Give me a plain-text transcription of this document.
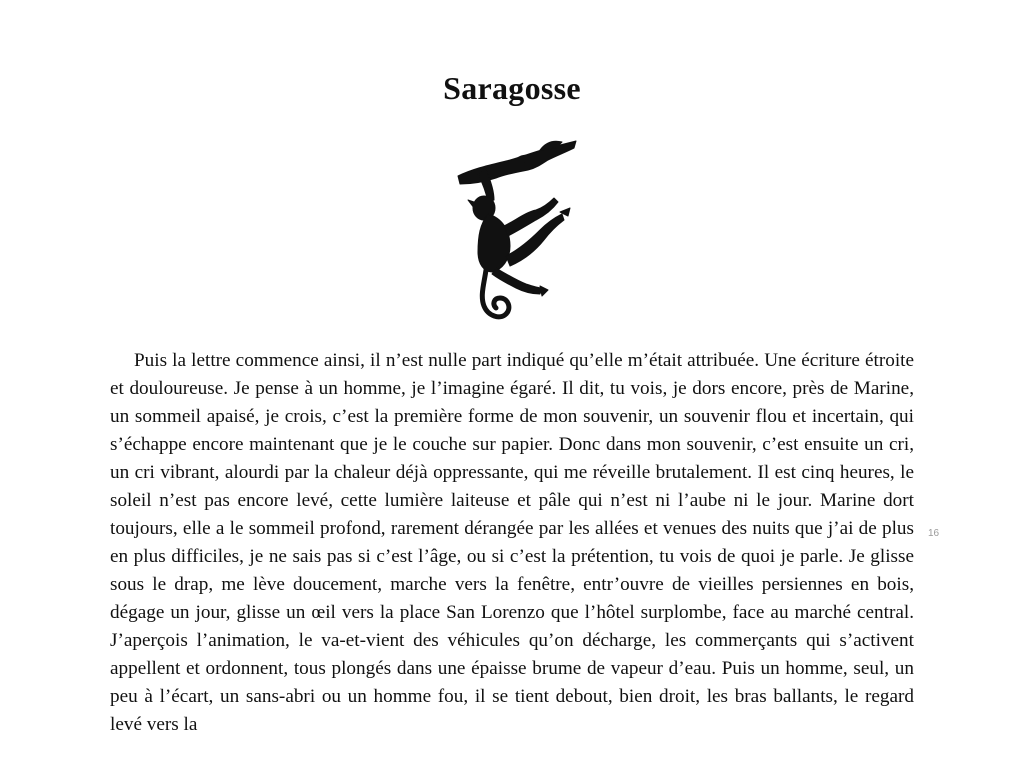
Saragosse

Puis la lettre commence ainsi, il n’est nulle part indiqué qu’elle m’était attribuée. Une écriture étroite et douloureuse. Je pense à un homme, je l’imagine égaré. Il dit, tu vois, je dors encore, près de Marine, un sommeil apaisé, je crois, c’est la première forme de mon souvenir, un souvenir flou et incertain, qui s’échappe encore maintenant que je le couche sur papier. Donc dans mon souvenir, c’est ensuite un cri, un cri vibrant, alourdi par la chaleur déjà oppressante, qui me réveille brutalement. Il est cinq heures, le soleil n’est pas encore levé, cette lumière laiteuse et pâle qui n’est ni l’aube ni le jour. Marine dort toujours, elle a le sommeil profond, rarement dérangée par les allées et venues des nuits que j’ai de plus en plus difficiles, je ne sais pas si c’est l’âge, ou si c’est la prétention, tu vois de quoi je parle. Je glisse sous le drap, me lève doucement, marche vers la fenêtre, entr’ouvre de vieilles persiennes en bois, dégage un jour, glisse un œil vers la place San Lorenzo que l’hôtel surplombe, face au marché central. J’aperçois l’animation, le va-et-vient des véhicules qu’on décharge, les commerçants qui s’activent appellent et ordonnent, tous plongés dans une épaisse brume de vapeur d’eau. Puis un homme, seul, un peu à l’écart, un sans-abri ou un homme fou, il se tient debout, bien droit, les bras ballants, le regard levé vers la

16
